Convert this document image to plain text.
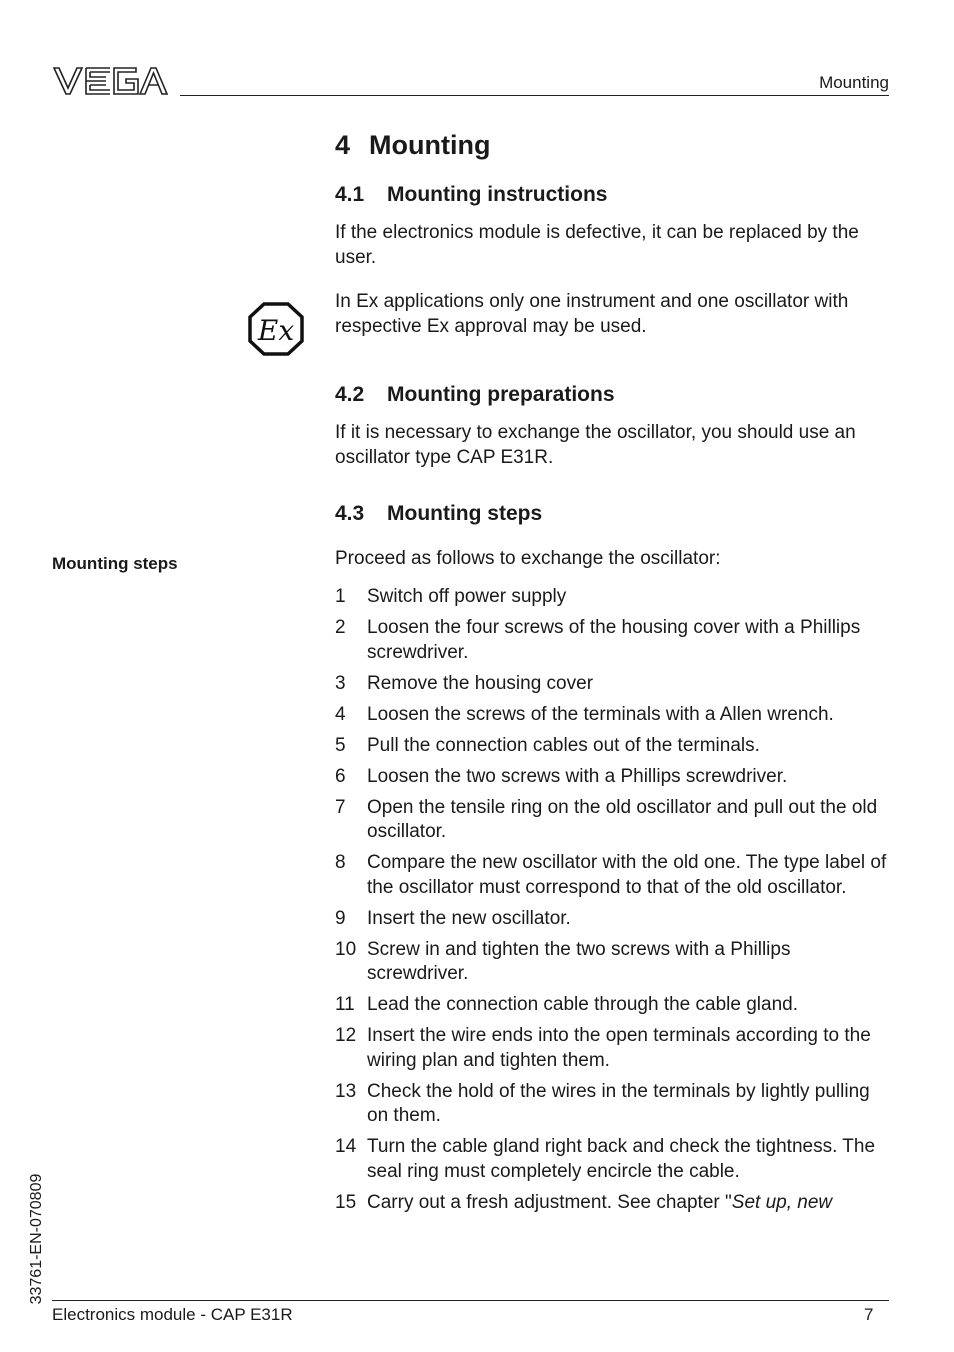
Mounting
Ex
Mounting steps
4 Mounting
4.1	Mounting instructions

If the electronics module is defective, it can be replaced by the user.

In Ex applications only one instrument and one oscillator with respective Ex approval may be used.

4.2	Mounting preparations

If it is necessary to exchange the oscillator, you should use an oscillator type CAP E31R.

4.3	Mounting steps

Proceed as follows to exchange the oscillator:

1	Switch off power supply
2	Loosen the four screws of the housing cover with a Phillips screwdriver.
3	Remove the housing cover
4	Loosen the screws of the terminals with a Allen wrench.
5	Pull the connection cables out of the terminals.
6	Loosen the two screws with a Phillips screwdriver.
7	Open the tensile ring on the old oscillator and pull out the old oscillator.
8	Compare the new oscillator with the old one. The type label of the oscillator must correspond to that of the old oscillator.
9	Insert the new oscillator.
10 Screw in and tighten the two screws with a Phillips screwdriver.
11 Lead the connection cable through the cable gland.
12 Insert the wire ends into the open terminals according to the wiring plan and tighten them.
13 Check the hold of the wires in the terminals by lightly pulling on them.
14 Turn the cable gland right back and check the tightness. The seal ring must completely encircle the cable.
15 Carry out a fresh adjustment. See chapter "Set up, new
33761-EN-070809
Electronics module - CAP E31R	7
